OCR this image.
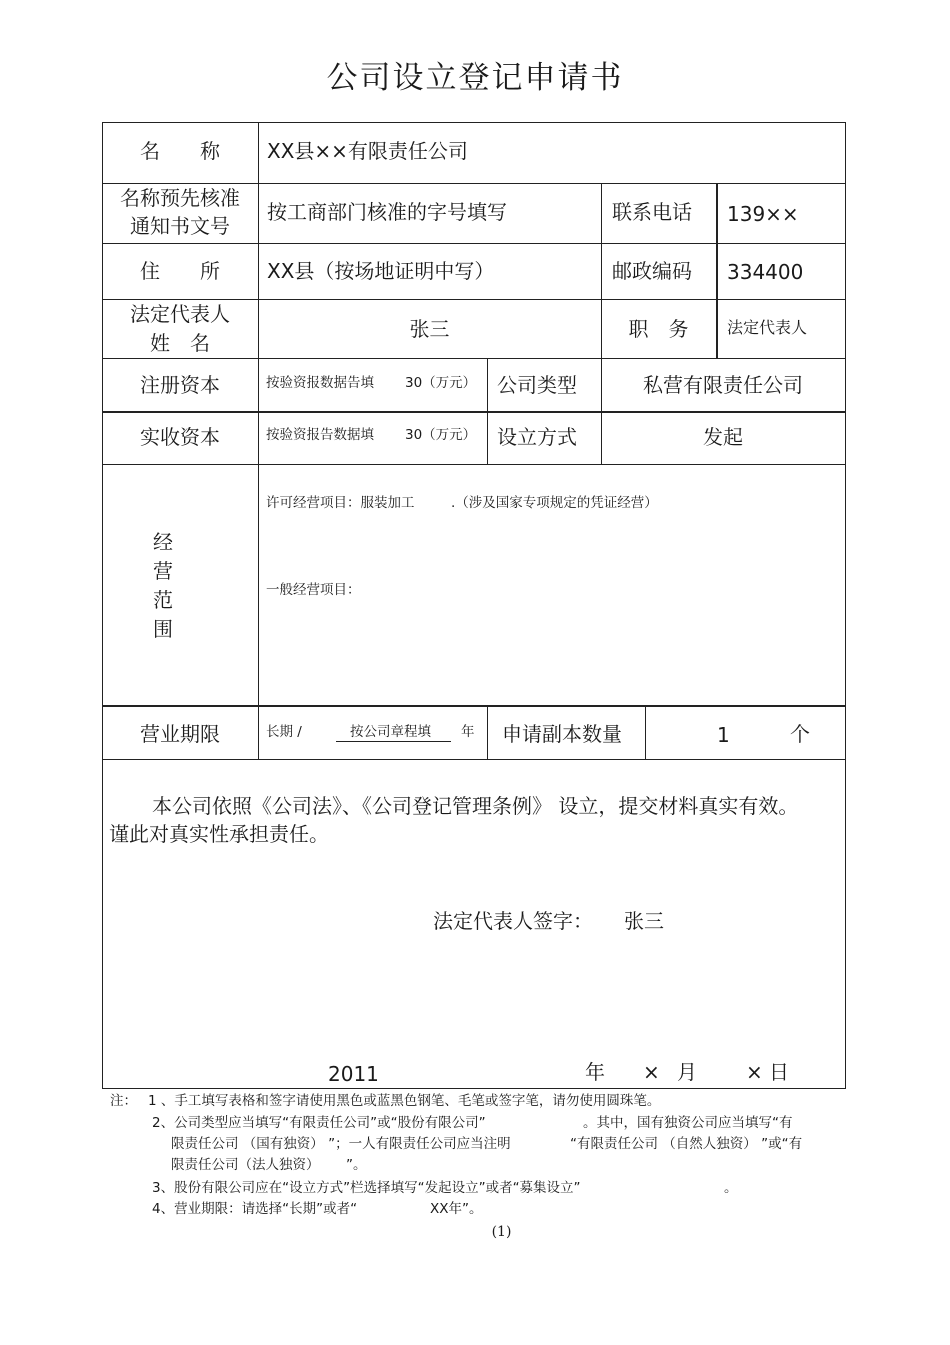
公司设立登记申请书
名　　称	XX县××有限责任公司
名称预先核准
通知书文号
按工商部门核准的字号填写	联系电话 139××
住　　所	XX县（按场地证明中写）	邮政编码 334400
法定代表人
姓　名
张三	职　务	法定代表人
注册资本	按验资报数据告填 30（万元） 公司类型	私营有限责任公司
实收资本	按验资报告数据填 30（万元） 设立方式	发起
经
营
范
围
许可经营项目：服装加工	.（涉及国家专项规定的凭证经营）
一般经营项目：
营业期限	长期 /	按公司章程填	年 申请副本数量	1	个
本公司依照《公司法》、《公司登记管理条例》 设立，提交材料真实有效。
谨此对真实性承担责任。
法定代表人签字： 张三
2011	年 × 月 × 日
注： 1 、手工填写表格和签字请使用黑色或蓝黑色钢笔、毛笔或签字笔，请勿使用圆珠笔。
2、公司类型应当填写“有限责任公司”或“股份有限公司”	。其中，国有独资公司应当填写“有
限责任公司 （国有独资） ”；一人有限责任公司应当注明	“有限责任公司 （自然人独资） ”或“有
限责任公司（法人独资） ”。
3、股份有限公司应在“设立方式”栏选择填写“发起设立”或者“募集设立”	。
4、营业期限：请选择“长期”或者“	XX年”。
(1)
